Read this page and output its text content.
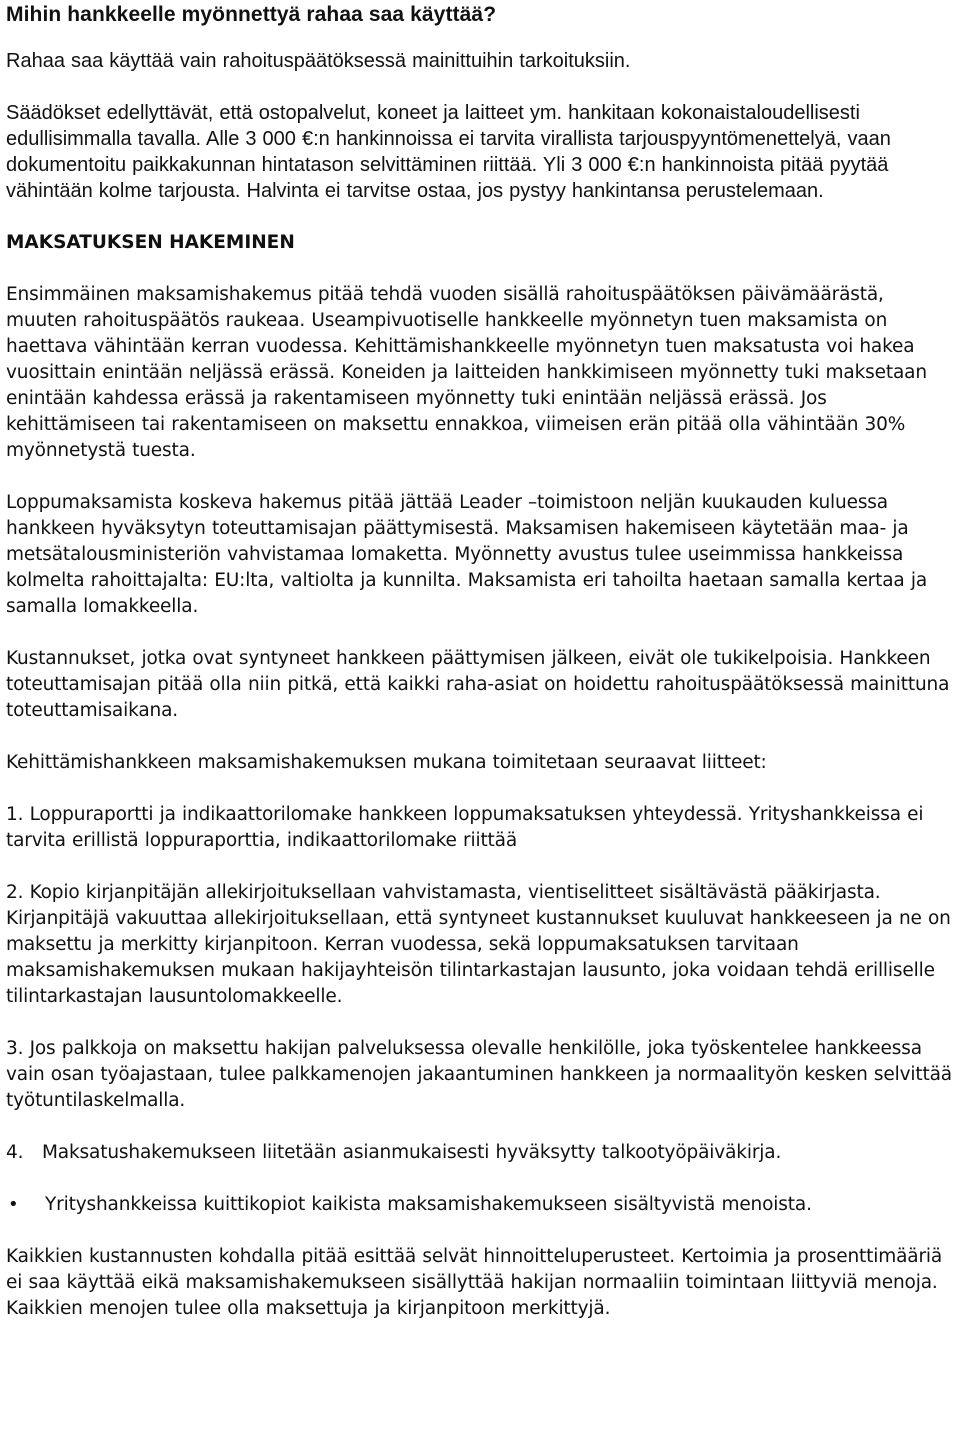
Mihin hankkeelle myönnettyä rahaa saa käyttää?

Rahaa saa käyttää vain rahoituspäätöksessä mainittuihin tarkoituksiin.

Säädökset edellyttävät, että ostopalvelut, koneet ja laitteet ym. hankitaan kokonaistaloudellisesti edullisimmalla tavalla. Alle 3 000 €:n hankinnoissa ei tarvita virallista tarjouspyyntömenettelyä, vaan dokumentoitu paikkakunnan hintatason selvittäminen riittää. Yli 3 000 €:n hankinnoista pitää pyytää vähintään kolme tarjousta. Halvinta ei tarvitse ostaa, jos pystyy hankintansa perustelemaan.

MAKSATUKSEN HAKEMINEN

Ensimmäinen maksamishakemus pitää tehdä vuoden sisällä rahoituspäätöksen päivämäärästä, muuten rahoituspäätös raukeaa. Useampivuotiselle hankkeelle myönnetyn tuen maksamista on haettava vähintään kerran vuodessa. Kehittämishankkeelle myönnetyn tuen maksatusta voi hakea vuosittain enintään neljässä erässä. Koneiden ja laitteiden hankkimiseen myönnetty tuki maksetaan enintään kahdessa erässä ja rakentamiseen myönnetty tuki enintään neljässä erässä. Jos kehittämiseen tai rakentamiseen on maksettu ennakkoa, viimeisen erän pitää olla vähintään 30% myönnetystä tuesta.

Loppumaksamista koskeva hakemus pitää jättää Leader –toimistoon neljän kuukauden kuluessa hankkeen hyväksytyn toteuttamisajan päättymisestä. Maksamisen hakemiseen käytetään maa- ja metsätalousministeriön vahvistamaa lomaketta. Myönnetty avustus tulee useimmissa hankkeissa kolmelta rahoittajalta: EU:lta, valtiolta ja kunnilta. Maksamista eri tahoilta haetaan samalla kertaa ja samalla lomakkeella.

Kustannukset, jotka ovat syntyneet hankkeen päättymisen jälkeen, eivät ole tukikelpoisia. Hankkeen toteuttamisajan pitää olla niin pitkä, että kaikki raha-asiat on hoidettu rahoituspäätöksessä mainittuna toteuttamisaikana.

Kehittämishankkeen maksamishakemuksen mukana toimitetaan seuraavat liitteet:

1. Loppuraportti ja indikaattorilomake hankkeen loppumaksatuksen yhteydessä. Yrityshankkeissa ei tarvita erillistä loppuraporttia, indikaattorilomake riittää

2. Kopio kirjanpitäjän allekirjoituksellaan vahvistamasta, vientiselitteet sisältävästä pääkirjasta. Kirjanpitäjä vakuuttaa allekirjoituksellaan, että syntyneet kustannukset kuuluvat hankkeeseen ja ne on maksettu ja merkitty kirjanpitoon. Kerran vuodessa, sekä loppumaksatuksen tarvitaan maksamishakemuksen mukaan hakijayhteisön tilintarkastajan lausunto, joka voidaan tehdä erilliselle tilintarkastajan lausuntolomakkeelle.

3. Jos palkkoja on maksettu hakijan palveluksessa olevalle henkilölle, joka työskentelee hankkeessa vain osan työajastaan, tulee palkkamenojen jakaantuminen hankkeen ja normaalityön kesken selvittää työtuntilaskelmalla.

4. Maksatushakemukseen liitetään asianmukaisesti hyväksytty talkootyöpäiväkirja.

•	Yrityshankkeissa kuittikopiot kaikista maksamishakemukseen sisältyvistä menoista.

Kaikkien kustannusten kohdalla pitää esittää selvät hinnoitteluperusteet. Kertoimia ja prosenttimääriä ei saa käyttää eikä maksamishakemukseen sisällyttää hakijan normaaliin toimintaan liittyviä menoja. Kaikkien menojen tulee olla maksettuja ja kirjanpitoon merkittyjä.
